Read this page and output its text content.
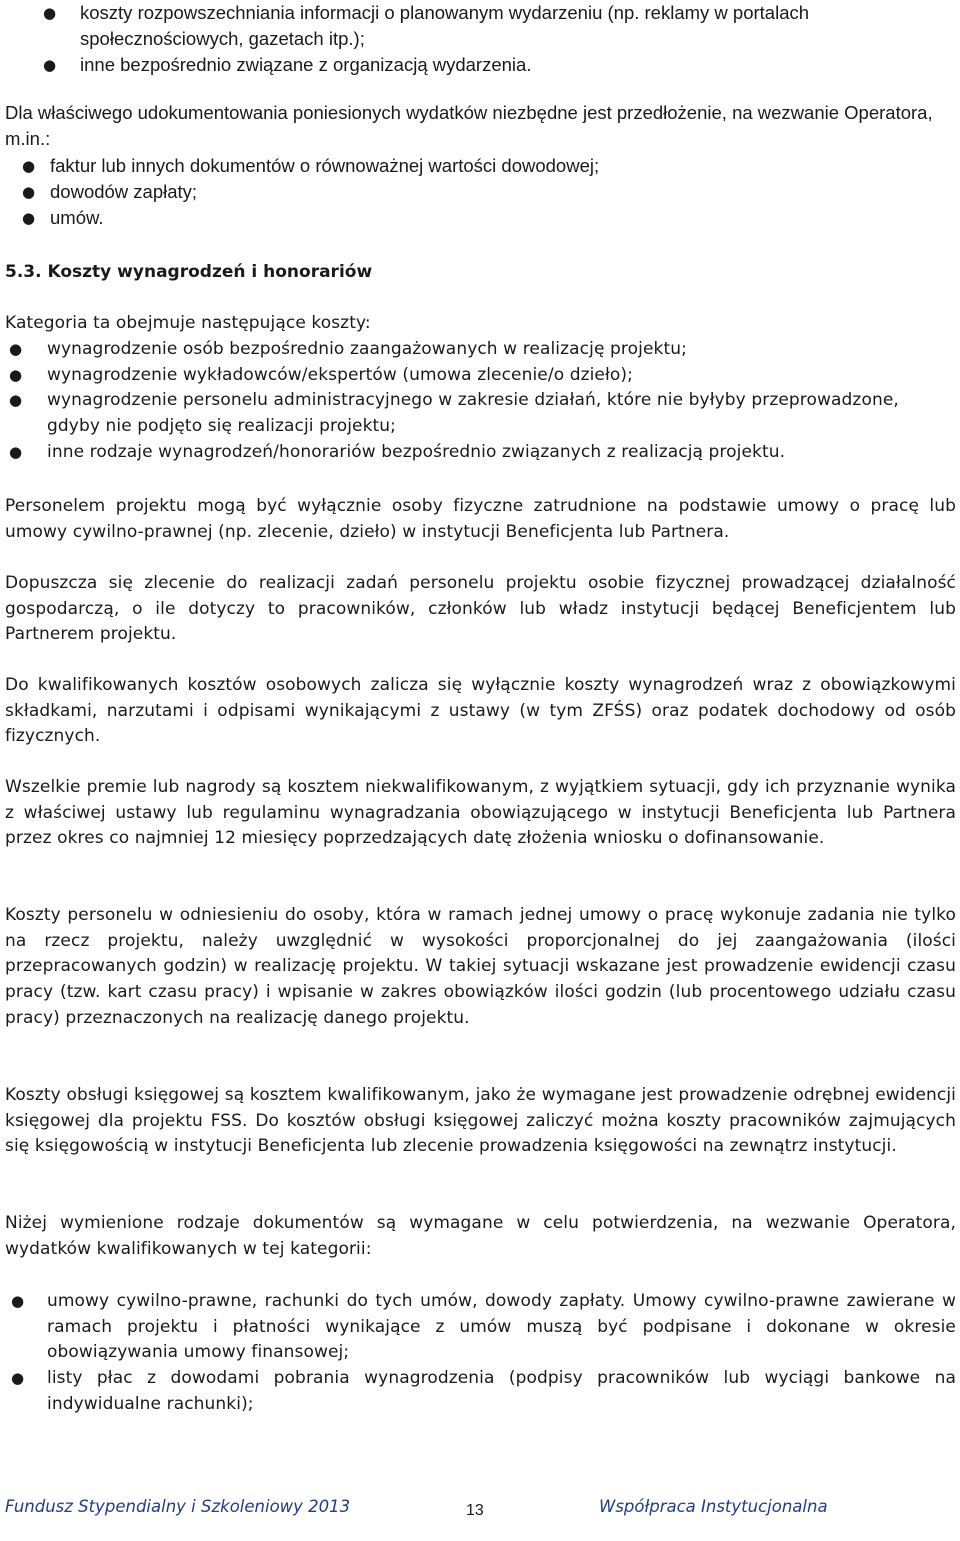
● koszty rozpowszechniania informacji o planowanym wydarzeniu (np. reklamy w portalach społecznościowych, gazetach itp.);
● inne bezpośrednio związane z organizacją wydarzenia.

Dla właściwego udokumentowania poniesionych wydatków niezbędne jest przedłożenie, na wezwanie Operatora, m.in.:

● faktur lub innych dokumentów o równoważnej wartości dowodowej;
● dowodów zapłaty;
● umów.
5.3. Koszty wynagrodzeń i honorariów

Kategoria ta obejmuje następujące koszty:

● wynagrodzenie osób bezpośrednio zaangażowanych w realizację projektu;
● wynagrodzenie wykładowców/ekspertów (umowa zlecenie/o dzieło);
● wynagrodzenie personelu administracyjnego w zakresie działań, które nie byłyby przeprowadzone, gdyby nie podjęto się realizacji projektu;
● inne rodzaje wynagrodzeń/honorariów bezpośrednio związanych z realizacją projektu.

Personelem projektu mogą być wyłącznie osoby fizyczne zatrudnione na podstawie umowy o pracę lub umowy cywilno-prawnej (np. zlecenie, dzieło) w instytucji Beneficjenta lub Partnera.

Dopuszcza się zlecenie do realizacji zadań personelu projektu osobie fizycznej prowadzącej działalność gospodarczą, o ile dotyczy to pracowników, członków lub władz instytucji będącej Beneficjentem lub Partnerem projektu.

Do kwalifikowanych kosztów osobowych zalicza się wyłącznie koszty wynagrodzeń wraz z obowiązkowymi składkami, narzutami i odpisami wynikającymi z ustawy (w tym ZFŚS) oraz podatek dochodowy od osób fizycznych.

Wszelkie premie lub nagrody są kosztem niekwalifikowanym, z wyjątkiem sytuacji, gdy ich przyznanie wynika z właściwej ustawy lub regulaminu wynagradzania obowiązującego w instytucji Beneficjenta lub Partnera przez okres co najmniej 12 miesięcy poprzedzających datę złożenia wniosku o dofinansowanie.

Koszty personelu w odniesieniu do osoby, która w ramach jednej umowy o pracę wykonuje zadania nie tylko na rzecz projektu, należy uwzględnić w wysokości proporcjonalnej do jej zaangażowania (ilości przepracowanych godzin) w realizację projektu. W takiej sytuacji wskazane jest prowadzenie ewidencji czasu pracy (tzw. kart czasu pracy) i wpisanie w zakres obowiązków ilości godzin (lub procentowego udziału czasu pracy) przeznaczonych na realizację danego projektu.

Koszty obsługi księgowej są kosztem kwalifikowanym, jako że wymagane jest prowadzenie odrębnej ewidencji księgowej dla projektu FSS. Do kosztów obsługi księgowej zaliczyć można koszty pracowników zajmujących się księgowością w instytucji Beneficjenta lub zlecenie prowadzenia księgowości na zewnątrz instytucji.

Niżej wymienione rodzaje dokumentów są wymagane w celu potwierdzenia, na wezwanie Operatora, wydatków kwalifikowanych w tej kategorii:

● umowy cywilno-prawne, rachunki do tych umów, dowody zapłaty. Umowy cywilno-prawne zawierane w ramach projektu i płatności wynikające z umów muszą być podpisane i dokonane w okresie obowiązywania umowy finansowej;
● listy płac z dowodami pobrania wynagrodzenia (podpisy pracowników lub wyciągi bankowe na indywidualne rachunki);
Fundusz Stypendialny i Szkoleniowy 2013	13	Współpraca Instytucjonalna
